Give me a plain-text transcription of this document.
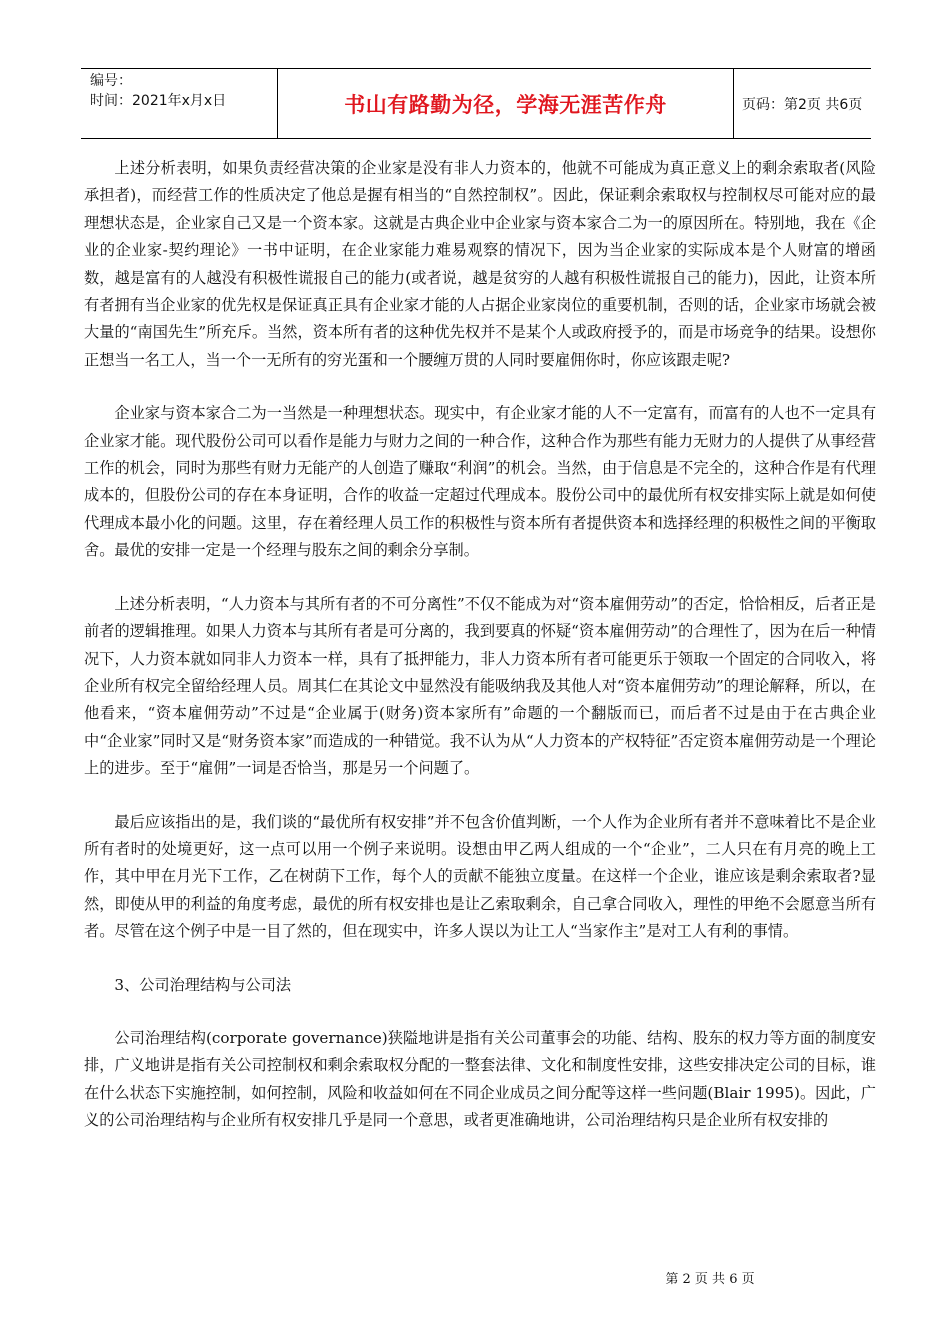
编号：
时间：2021年x月x日	书山有路勤为径，学海无涯苦作舟	页码：第2页 共6页

上述分析表明，如果负责经营决策的企业家是没有非人力资本的，他就不可能成为真正意义上的剩余索取者(风险承担者)，而经营工作的性质决定了他总是握有相当的“自然控制权”。因此，保证剩余索取权与控制权尽可能对应的最理想状态是，企业家自己又是一个资本家。这就是古典企业中企业家与资本家合二为一的原因所在。特别地，我在《企业的企业家-契约理论》一书中证明，在企业家能力难易观察的情况下，因为当企业家的实际成本是个人财富的增函数，越是富有的人越没有积极性谎报自己的能力(或者说，越是贫穷的人越有积极性谎报自己的能力)，因此，让资本所有者拥有当企业家的优先权是保证真正具有企业家才能的人占据企业家岗位的重要机制，否则的话，企业家市场就会被大量的“南国先生”所充斥。当然，资本所有者的这种优先权并不是某个人或政府授予的，而是市场竞争的结果。设想你正想当一名工人，当一个一无所有的穷光蛋和一个腰缠万贯的人同时要雇佣你时，你应该跟走呢?

企业家与资本家合二为一当然是一种理想状态。现实中，有企业家才能的人不一定富有，而富有的人也不一定具有企业家才能。现代股份公司可以看作是能力与财力之间的一种合作，这种合作为那些有能力无财力的人提供了从事经营工作的机会，同时为那些有财力无能产的人创造了赚取“利润”的机会。当然，由于信息是不完全的，这种合作是有代理成本的，但股份公司的存在本身证明，合作的收益一定超过代理成本。股份公司中的最优所有权安排实际上就是如何使代理成本最小化的问题。这里，存在着经理人员工作的积极性与资本所有者提供资本和选择经理的积极性之间的平衡取舍。最优的安排一定是一个经理与股东之间的剩余分享制。

上述分析表明，“人力资本与其所有者的不可分离性”不仅不能成为对“资本雇佣劳动”的否定，恰恰相反，后者正是前者的逻辑推理。如果人力资本与其所有者是可分离的，我到要真的怀疑“资本雇佣劳动”的合理性了，因为在后一种情况下，人力资本就如同非人力资本一样，具有了抵押能力，非人力资本所有者可能更乐于领取一个固定的合同收入，将企业所有权完全留给经理人员。周其仁在其论文中显然没有能吸纳我及其他人对“资本雇佣劳动”的理论解释，所以，在他看来，“资本雇佣劳动”不过是“企业属于(财务)资本家所有”命题的一个翻版而已，而后者不过是由于在古典企业中“企业家”同时又是“财务资本家”而造成的一种错觉。我不认为从“人力资本的产权特征”否定资本雇佣劳动是一个理论上的进步。至于“雇佣”一词是否恰当，那是另一个问题了。

最后应该指出的是，我们谈的“最优所有权安排”并不包含价值判断，一个人作为企业所有者并不意味着比不是企业所有者时的处境更好，这一点可以用一个例子来说明。设想由甲乙两人组成的一个“企业”，二人只在有月亮的晚上工作，其中甲在月光下工作，乙在树荫下工作，每个人的贡献不能独立度量。在这样一个企业，谁应该是剩余索取者?显然，即使从甲的利益的角度考虑，最优的所有权安排也是让乙索取剩余，自己拿合同收入，理性的甲绝不会愿意当所有者。尽管在这个例子中是一目了然的，但在现实中，许多人误以为让工人“当家作主”是对工人有利的事情。

3、公司治理结构与公司法

公司治理结构(corporate governance)狭隘地讲是指有关公司董事会的功能、结构、股东的权力等方面的制度安排，广义地讲是指有关公司控制权和剩余索取权分配的一整套法律、文化和制度性安排，这些安排决定公司的目标，谁在什么状态下实施控制，如何控制，风险和收益如何在不同企业成员之间分配等这样一些问题(Blair 1995)。因此，广义的公司治理结构与企业所有权安排几乎是同一个意思，或者更准确地讲，公司治理结构只是企业所有权安排的

第 2 页 共 6 页
